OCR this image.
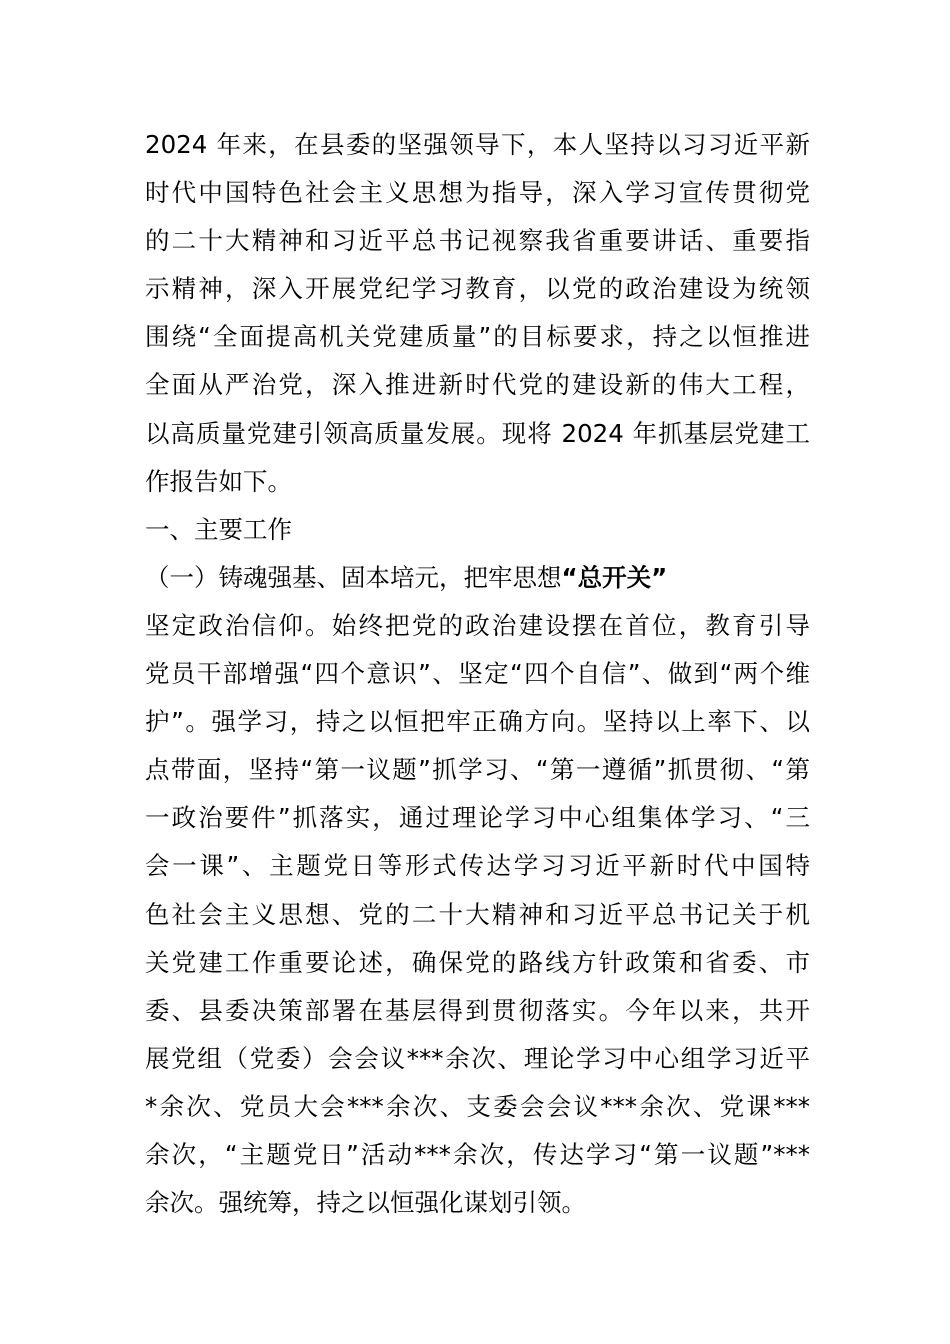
2024 年来，在县委的坚强领导下，本人坚持以习习近平新
时代中国特色社会主义思想为指导，深入学习宣传贯彻党
的二十大精神和习近平总书记视察我省重要讲话、重要指
示精神，深入开展党纪学习教育，以党的政治建设为统领
围绕“全面提高机关党建质量”的目标要求，持之以恒推进
全面从严治党，深入推进新时代党的建设新的伟大工程，
以高质量党建引领高质量发展。现将 2024 年抓基层党建工
作报告如下。
一、主要工作
（一）铸魂强基、固本培元，把牢思想“总开关”
坚定政治信仰。始终把党的政治建设摆在首位，教育引导
党员干部增强“四个意识”、坚定“四个自信”、做到“两个维
护”。强学习，持之以恒把牢正确方向。坚持以上率下、以
点带面，坚持“第一议题”抓学习、“第一遵循”抓贯彻、“第
一政治要件”抓落实，通过理论学习中心组集体学习、“三
会一课”、主题党日等形式传达学习习近平新时代中国特
色社会主义思想、党的二十大精神和习近平总书记关于机
关党建工作重要论述，确保党的路线方针政策和省委、市
委、县委决策部署在基层得到贯彻落实。今年以来，共开
展党组（党委）会会议***余次、理论学习中心组学习近平
*余次、党员大会***余次、支委会会议***余次、党课***
余次，“主题党日”活动***余次，传达学习“第一议题”***
余次。强统筹，持之以恒强化谋划引领。
